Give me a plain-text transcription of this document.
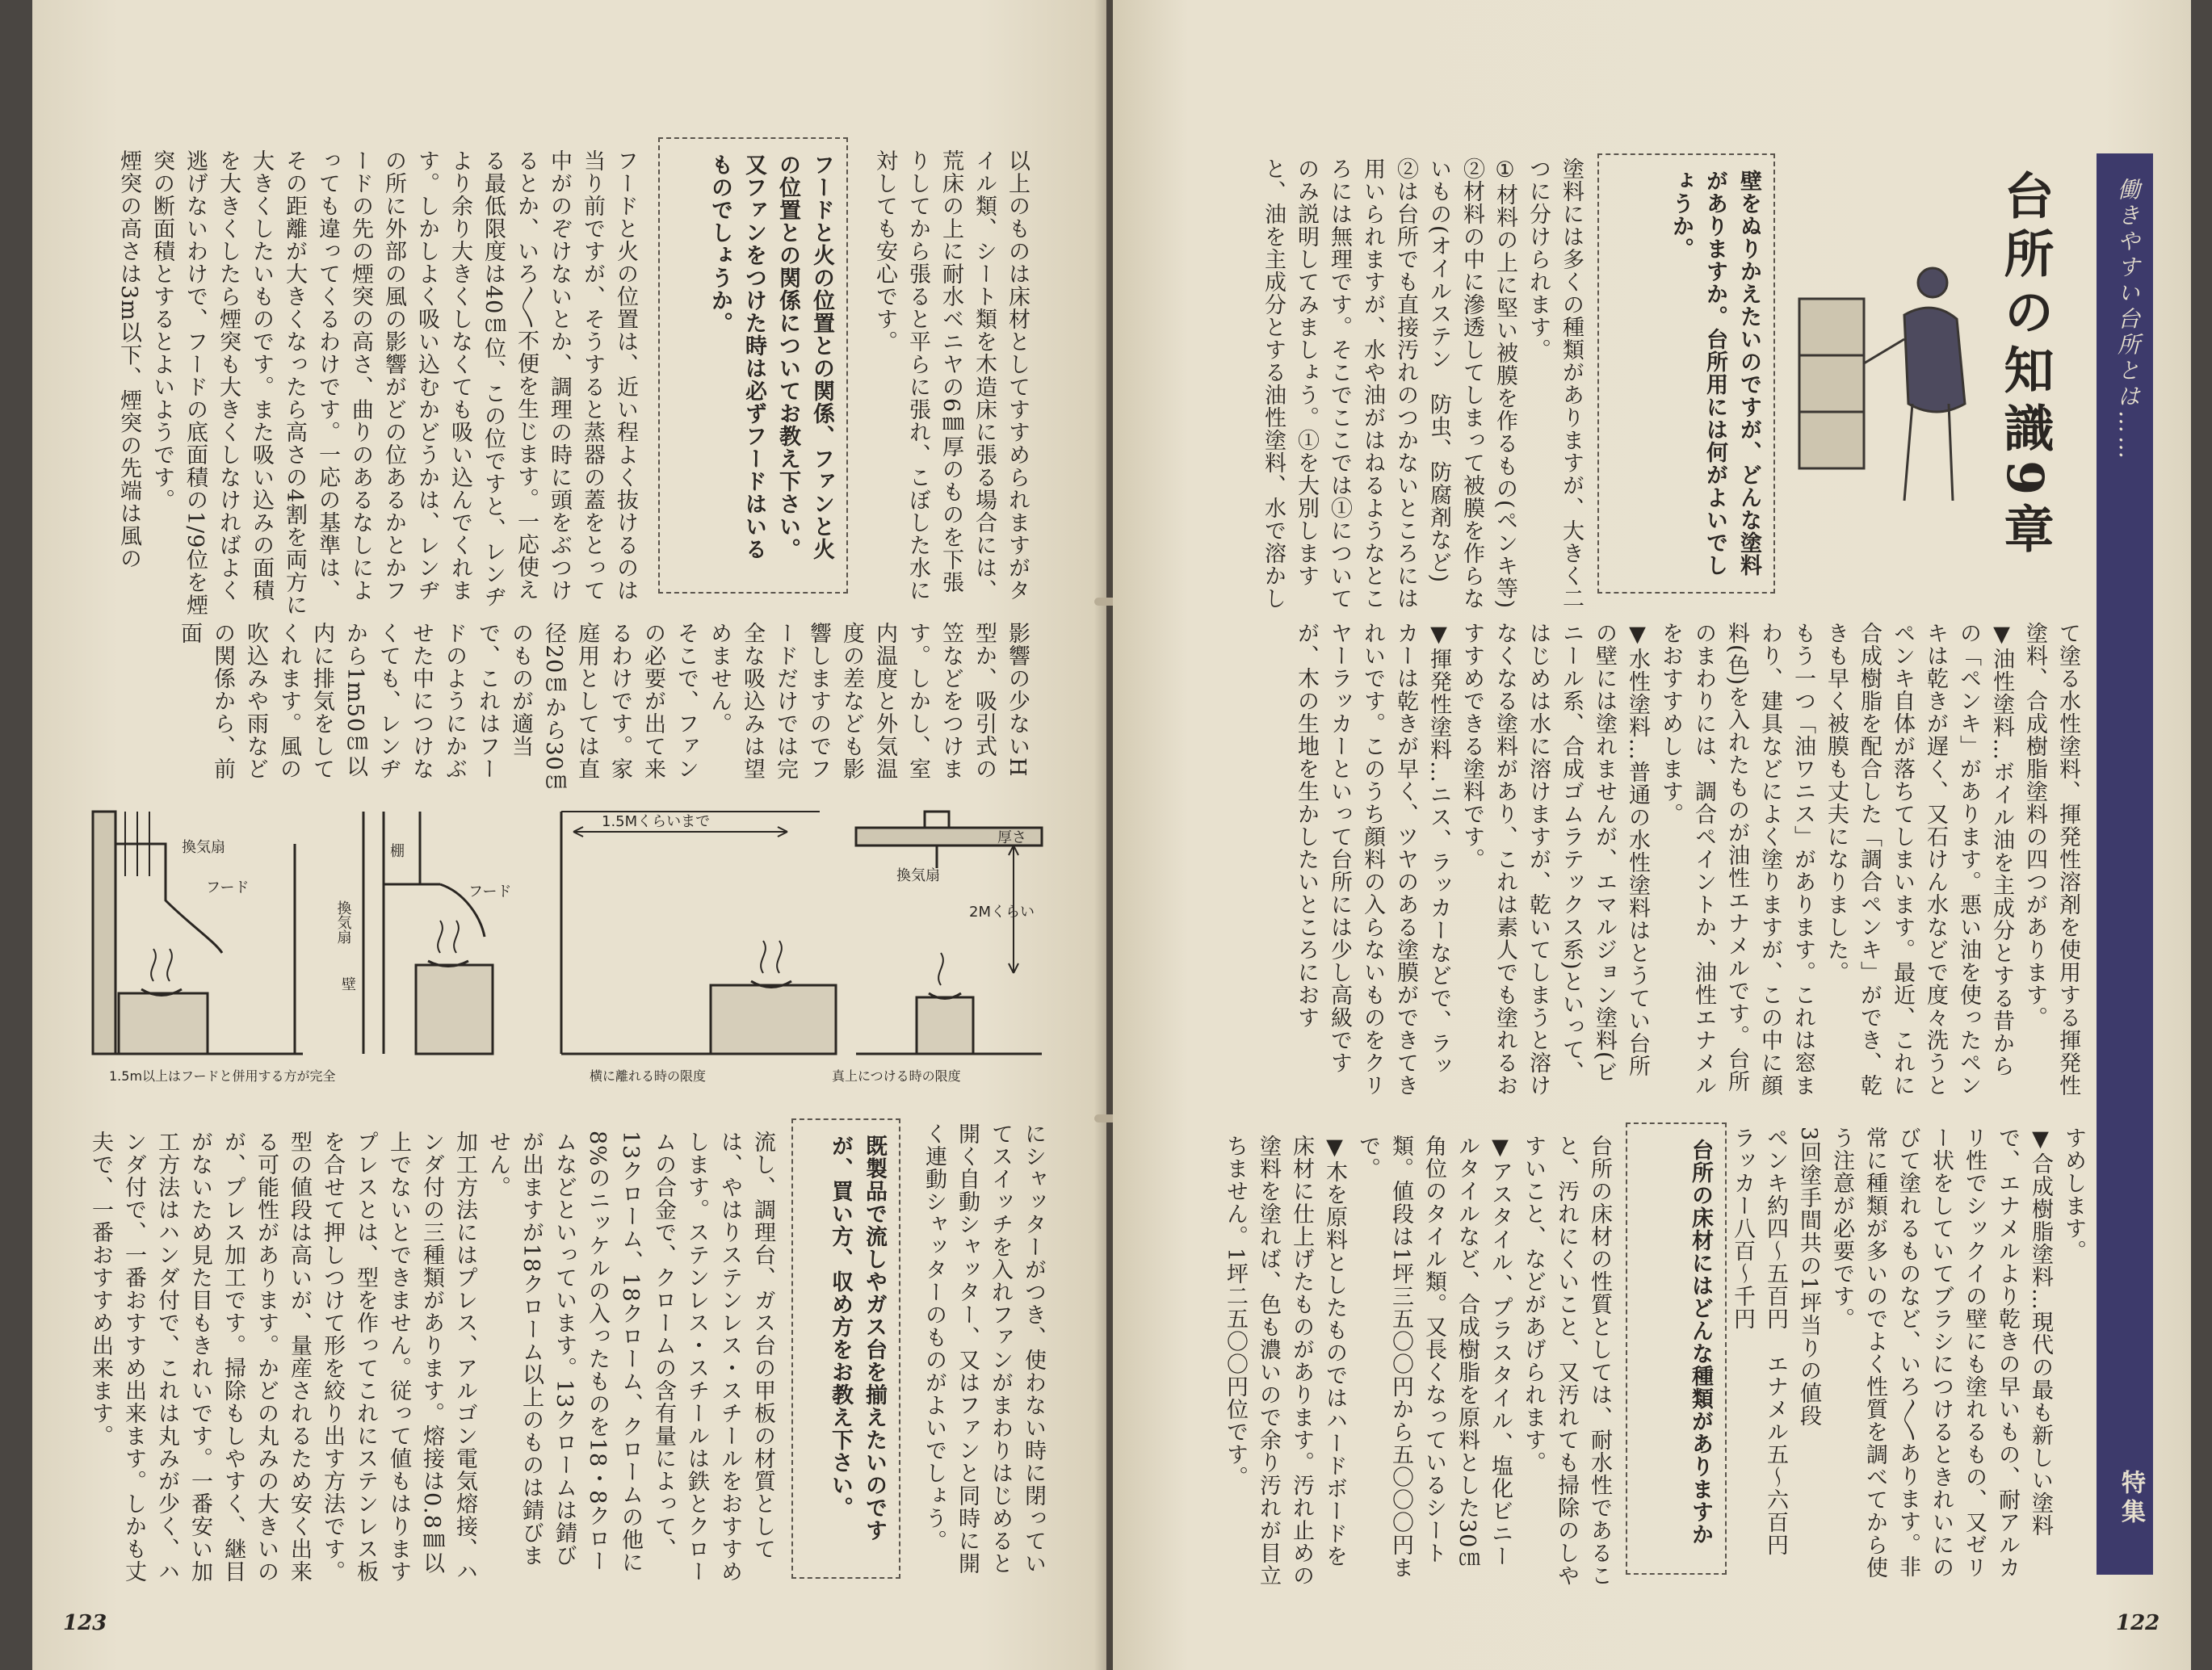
以上のものは床材としてすすめられますがタイル類、シート類を木造床に張る場合には、荒床の上に耐水ベニヤの6㎜厚のものを下張りしてから張ると平らに張れ、こぼした水に対しても安心です。
フードと火の位置との関係、ファンと火の位置との関係についてお教え下さい。又ファンをつけた時は必ずフードはいるものでしょうか。
フードと火の位置は、近い程よく抜けるのは当り前ですが、そうすると蒸器の蓋をとって中がのぞけないとか、調理の時に頭をぶつけるとか、いろ〳〵不便を生じます。一応使える最低限度は40㎝位、この位ですと、レンヂより余り大きくしなくても吸い込んでくれます。しかしよく吸い込むかどうかは、レンヂの所に外部の風の影響がどの位あるかとかフードの先の煙突の高さ、曲りのあるなしによっても違ってくるわけです。一応の基準は、その距離が大きくなったら高さの4割を両方に大きくしたいものです。また吸い込みの面積を大きくしたら煙突も大きくしなければよく逃げないわけで、フードの底面積の1/9位を煙突の断面積とするとよいようです。
煙突の高さは3m以下、煙突の先端は風の
影響の少ないH型か、吸引式の笠などをつけます。しかし、室内温度と外気温度の差なども影響しますのでフードだけでは完全な吸込みは望めません。
そこで、ファンの必要が出て来るわけです。家庭用としては直径20㎝から30㎝のものが適当で、これはフードのようにかぶせた中につけなくても、レンヂから1m50㎝以内に排気をしてくれます。風の吹込みや雨などの関係から、前面
換気扇
フード
棚
フード
換気扇
壁
1.5Mくらいまで
換気扇
2Mくらい
厚さ
1.5m以上はフードと併用する方が完全	横に離れる時の限度	真上につける時の限度
にシャッターがつき、使わない時に閉っていてスイッチを入れファンがまわりはじめると開く自動シャッター、又はファンと同時に開く連動シャッターのものがよいでしょう。
既製品で流しやガス台を揃えたいのですが、買い方、収め方をお教え下さい。
流し、調理台、ガス台の甲板の材質としては、やはりステンレス・スチールをおすすめします。ステンレス・スチールは鉄とクロームの合金で、クロームの含有量によって、13クローム、18クローム、クロームの他に8%のニッケルの入ったものを18・8クロームなどといっています。13クロームは錆びが出ますが18クローム以上のものは錆びません。
加工方法にはプレス、アルゴン電気熔接、ハンダ付の三種類があります。熔接は0.8㎜以上でないとできません。従って値もはりますプレスとは、型を作ってこれにステンレス板を合せて押しつけて形を絞り出す方法です。型の値段は高いが、量産されるため安く出来る可能性があります。かどの丸みの大きいのが、プレス加工です。掃除もしやすく、継目がないため見た目もきれいです。一番安い加工方法はハンダ付で、これは丸みが少く、ハンダ付で、一番おすすめ出来ます。しかも丈夫で、一番おすすめ出来ます。
123
働きやすい台所とは……
特集
台所の知識9章
壁をぬりかえたいのですが、どんな塗料がありますか。台所用には何がよいでしょうか。
塗料には多くの種類がありますが、大きく二つに分けられます。
①材料の上に堅い被膜を作るもの(ペンキ等)
②材料の中に滲透してしまって被膜を作らないもの(オイルステン　防虫、防腐剤など)
②は台所でも直接汚れのつかないところには用いられますが、水や油がはねるようなところには無理です。そこでここでは①についてのみ説明してみましょう。①を大別しますと、油を主成分とする油性塗料、水で溶かし
て塗る水性塗料、揮発性溶剤を使用する揮発性塗料、合成樹脂塗料の四つがあります。
▼油性塗料…ボイル油を主成分とする昔からの「ペンキ」があります。悪い油を使ったペンキは乾きが遅く、又石けん水などで度々洗うとペンキ自体が落ちてしまいます。最近、これに合成樹脂を配合した「調合ペンキ」ができ、乾きも早く被膜も丈夫になりました。
もう一つ「油ワニス」があります。これは窓まわり、建具などによく塗りますが、この中に顔料(色)を入れたものが油性エナメルです。台所のまわりには、調合ペイントか、油性エナメルをおすすめします。
▼水性塗料…普通の水性塗料はとうてい台所の壁には塗れませんが、エマルジョン塗料(ビニール系、合成ゴムラテックス系)といって、はじめは水に溶けますが、乾いてしまうと溶けなくなる塗料があり、これは素人でも塗れるおすすめできる塗料です。
▼揮発性塗料…ニス、ラッカーなどで、ラッカーは乾きが早く、ツヤのある塗膜ができてきれいです。このうち顔料の入らないものをクリヤーラッカーといって台所には少し高級ですが、木の生地を生かしたいところにおす
すめします。
▼合成樹脂塗料…現代の最も新しい塗料で、エナメルより乾きの早いもの、耐アルカリ性でシックイの壁にも塗れるもの、又ゼリー状をしていてブラシにつけるときれいにのびて塗れるものなど、いろ〳〵あります。非常に種類が多いのでよく性質を調べてから使う注意が必要です。
3回塗手間共の1坪当りの値段
ペンキ約四〜五百円　エナメル五〜六百円
ラッカー八百〜千円
台所の床材にはどんな種類がありますか
台所の床材の性質としては、耐水性であること、汚れにくいこと、又汚れても掃除のしやすいこと、などがあげられます。
▼アスタイル、プラスタイル、塩化ビニールタイルなど、合成樹脂を原料とした30㎝角位のタイル類。又長くなっているシート類。値段は1坪三五〇〇円から五〇〇〇円まで。
▼木を原料としたものではハードボードを床材に仕上げたものがあります。汚れ止めの塗料を塗れば、色も濃いので余り汚れが目立ちません。1坪二五〇〇円位です。
122
